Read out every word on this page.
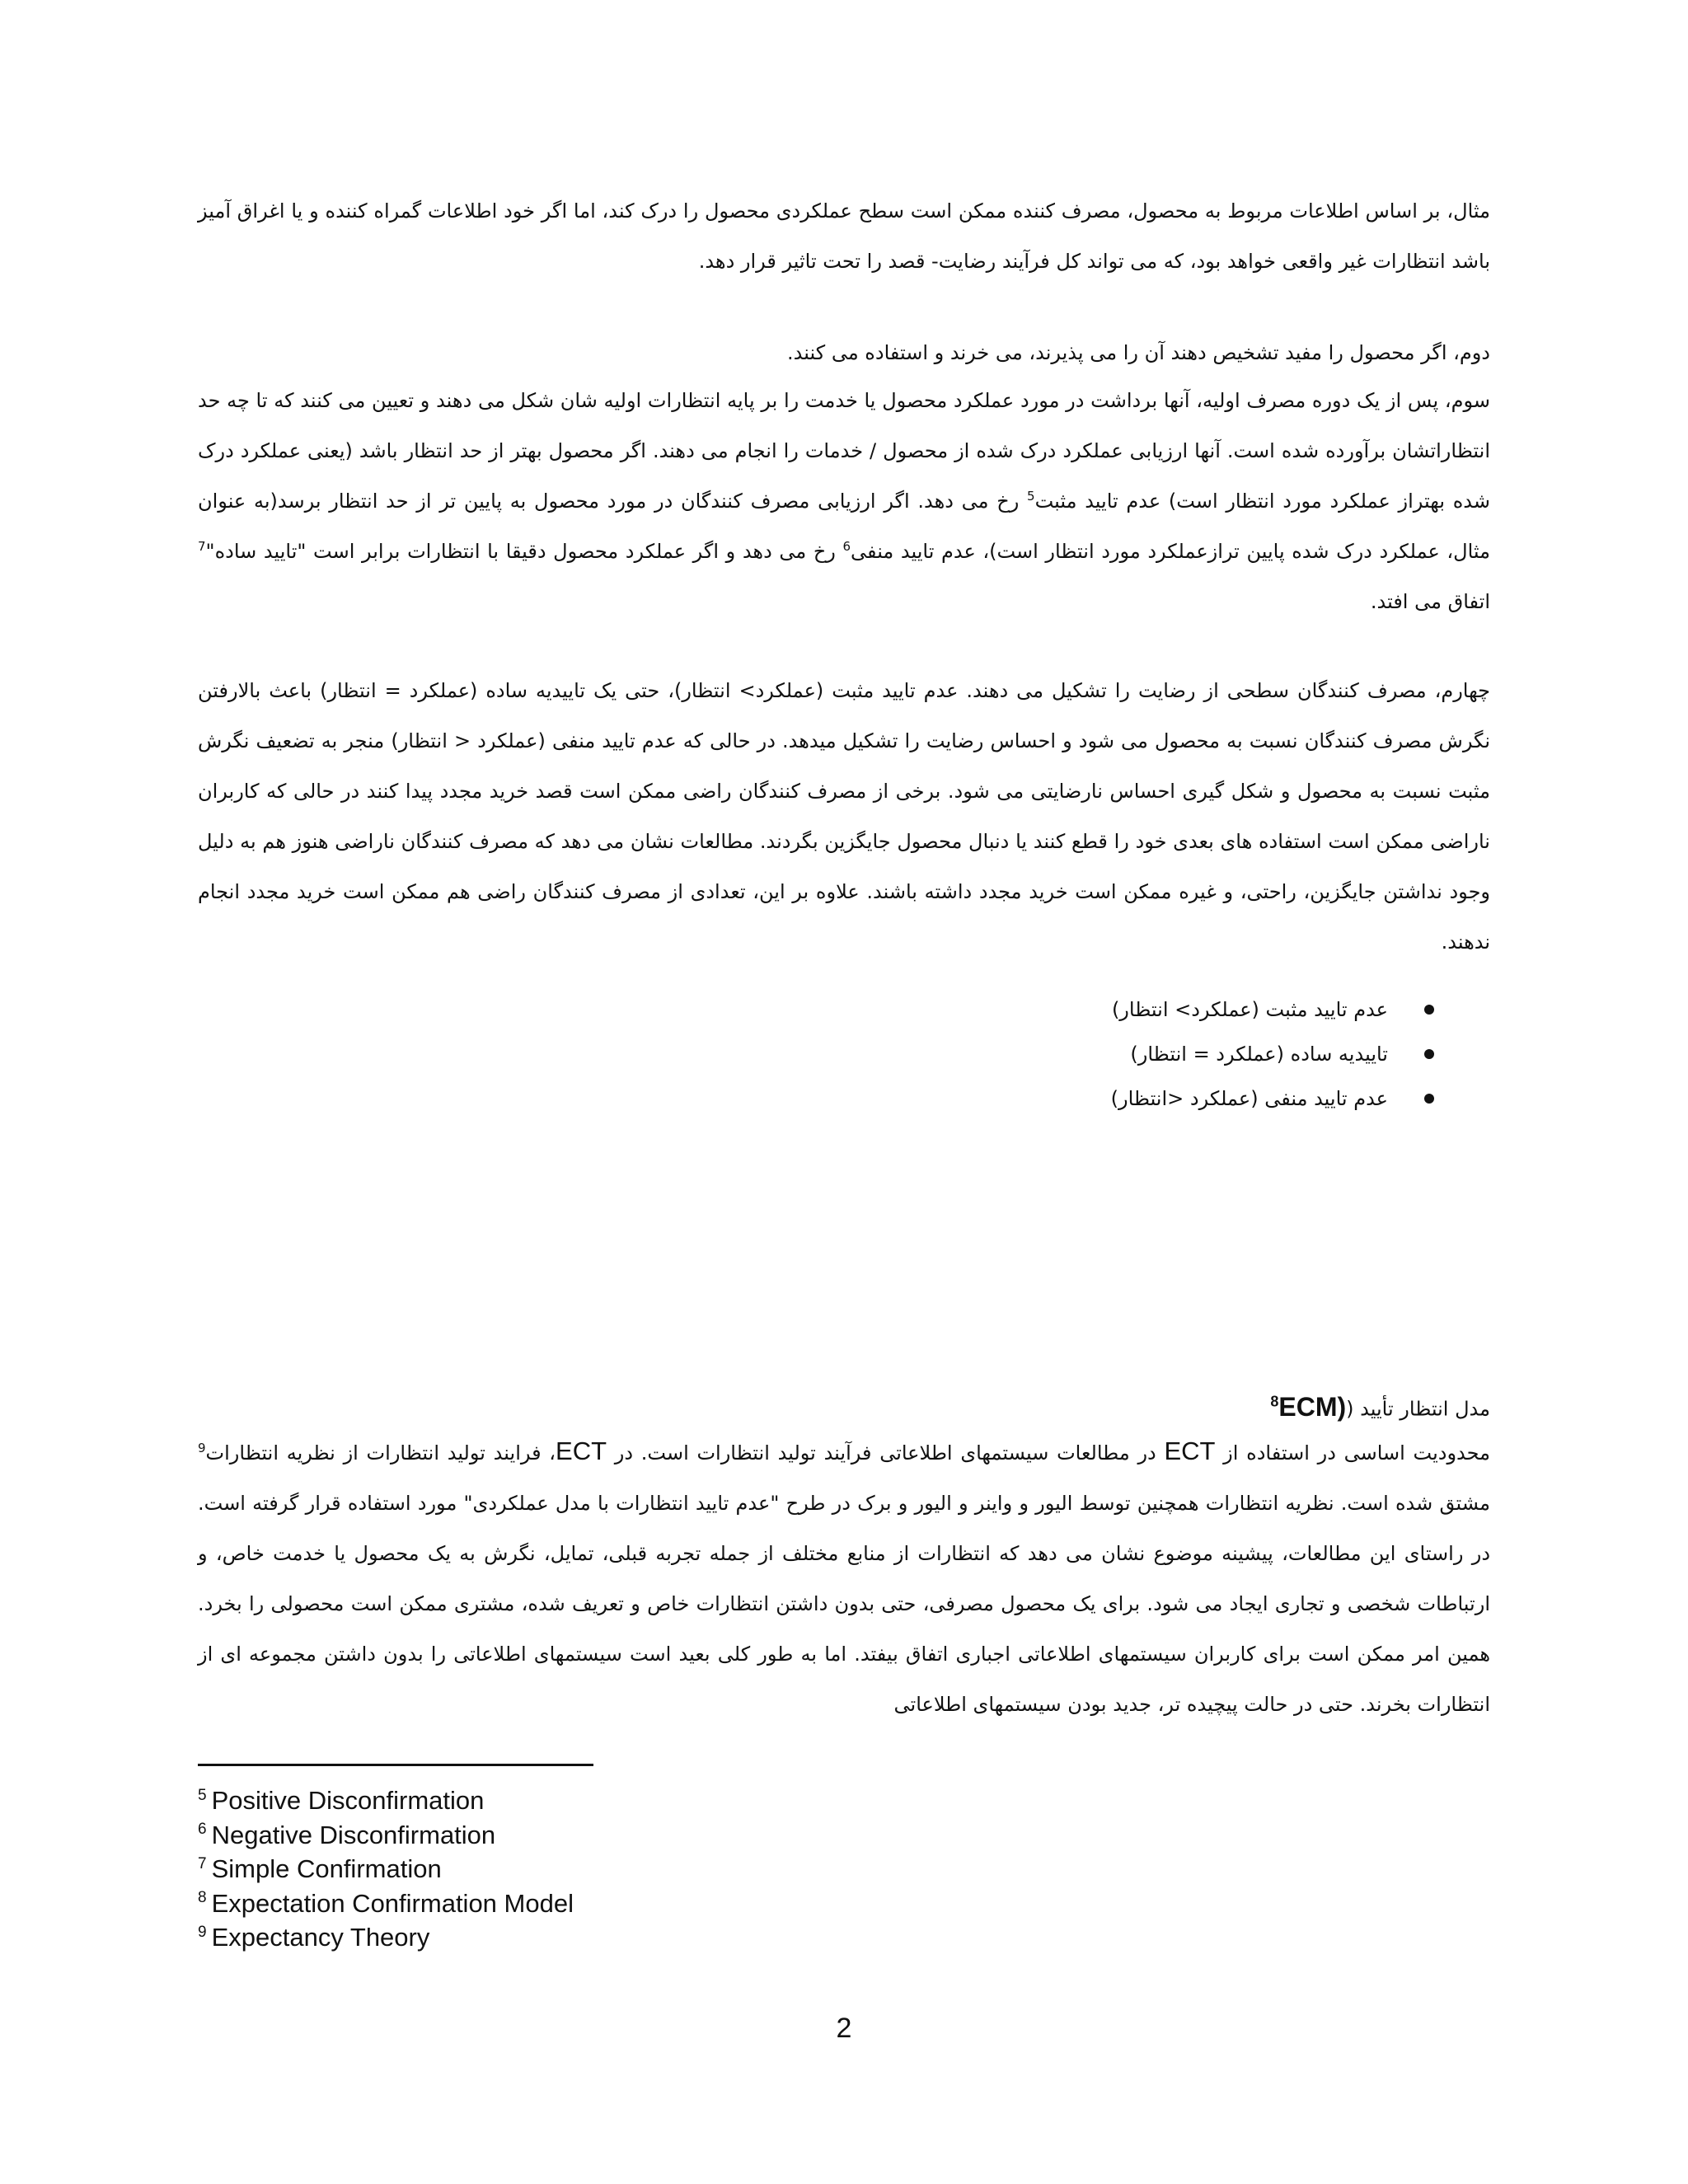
مثال، بر اساس اطلاعات مربوط به محصول، مصرف کننده ممکن است سطح عملکردی محصول را درک کند، اما اگر خود اطلاعات گمراه کننده و یا اغراق آمیز باشد انتظارات غیر واقعی خواهد بود، که می تواند کل فرآیند رضایت- قصد را تحت تاثیر قرار دهد.

دوم، اگر محصول را مفید تشخیص دهند آن را می پذیرند، می خرند و استفاده می کنند.

سوم، پس از یک دوره مصرف اولیه، آنها برداشت در مورد عملکرد محصول یا خدمت را بر پایه انتظارات اولیه شان شکل می دهند و تعیین می کنند که تا چه حد انتظاراتشان برآورده شده است. آنها ارزیابی عملکرد درک شده از محصول / خدمات را انجام می دهند. اگر محصول بهتر از حد انتظار باشد (یعنی عملکرد درک شده بهتراز عملکرد مورد انتظار است) عدم تایید مثبت$^5$ رخ می دهد. اگر ارزیابی مصرف کنندگان در مورد محصول به پایین تر از حد انتظار برسد(به عنوان مثال، عملکرد درک شده پایین ترازعملکرد مورد انتظار است)، عدم تایید منفی$^6$ رخ می دهد و اگر عملکرد محصول دقیقا با انتظارات برابر است "تایید ساده"$^7$ اتفاق می افتد.

چهارم، مصرف کنندگان سطحی از رضایت را تشکیل می دهند. عدم تایید مثبت (عملکرد> انتظار)، حتی یک تاییدیه ساده (عملکرد = انتظار) باعث بالارفتن نگرش مصرف کنندگان نسبت به محصول می شود و احساس رضایت را تشکیل میدهد. در حالی که عدم تایید منفی (عملکرد < انتظار) منجر به تضعیف نگرش مثبت نسبت به محصول و شکل گیری احساس نارضایتی می شود. برخی از مصرف کنندگان راضی ممکن است قصد خرید مجدد پیدا کنند در حالی که کاربران ناراضی ممکن است استفاده های بعدی خود را قطع کنند یا دنبال محصول جایگزین بگردند. مطالعات نشان می دهد که مصرف کنندگان ناراضی هنوز هم به دلیل وجود نداشتن جایگزین، راحتی، و غیره ممکن است خرید مجدد داشته باشند. علاوه بر این، تعدادی از مصرف کنندگان راضی هم ممکن است خرید مجدد انجام ندهند.

عدم تایید مثبت (عملکرد> انتظار)
تاییدیه ساده (عملکرد = انتظار)
عدم تایید منفی (عملکرد <انتظار)
مدل انتظار تأیید (ECM)$^8$

محدودیت اساسی در استفاده از ECT در مطالعات سیستمهای اطلاعاتی فرآیند تولید انتظارات است. در ECT، فرایند تولید انتظارات از نظریه انتظارات$^9$ مشتق شده است. نظریه انتظارات همچنین توسط الیور و واینر و الیور و برک در طرح "عدم تایید انتظارات با مدل عملکردی" مورد استفاده قرار گرفته است. در راستای این مطالعات، پیشینه موضوع نشان می دهد که انتظارات از منابع مختلف از جمله تجربه قبلی، تمایل، نگرش به یک محصول یا خدمت خاص، و ارتباطات شخصی و تجاری ایجاد می شود. برای یک محصول مصرفی، حتی بدون داشتن انتظارات خاص و تعریف شده، مشتری ممکن است محصولی را بخرد. همین امر ممکن است برای کاربران سیستمهای اطلاعاتی اجباری اتفاق بیفتد. اما به طور کلی بعید است سیستمهای اطلاعاتی را بدون داشتن مجموعه ای از انتظارات بخرند. حتی در حالت پیچیده تر، جدید بودن سیستمهای اطلاعاتی

$^5$ Positive Disconfirmation
$^6$ Negative Disconfirmation
$^7$ Simple Confirmation
$^8$ Expectation Confirmation Model
$^9$ Expectancy Theory
2
